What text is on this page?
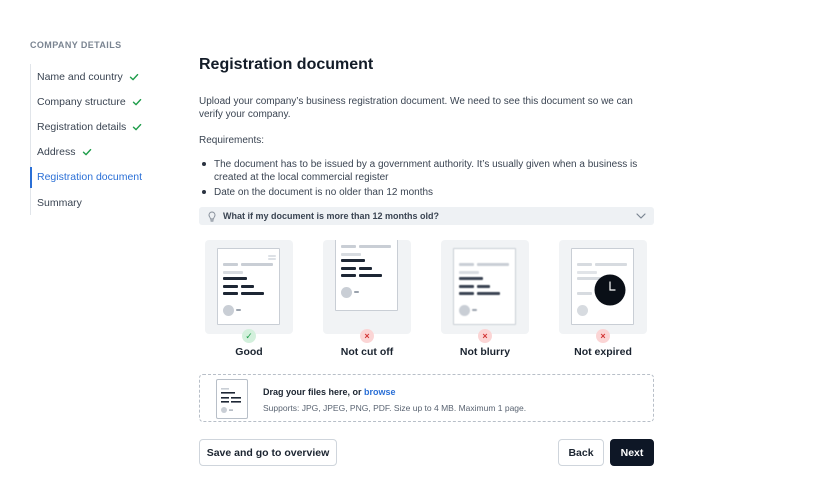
COMPANY DETAILS
Name and country
Company structure
Registration details
Address
Registration document
Summary
Registration document

Upload your company’s business registration document. We need to see this document so we can verify your company.

Requirements:
The document has to be issued by a government authority. It’s usually given when a business is created at the local commercial register
Date on the document is no older than 12 months
What if my document is more than 12 months old?
✓
Good
×
Not cut off
×
Not blurry
×
Not expired
Drag your files here, or browse
Supports: JPG, JPEG, PNG, PDF. Size up to 4 MB. Maximum 1 page.
Save and go to overview	Back	Next
